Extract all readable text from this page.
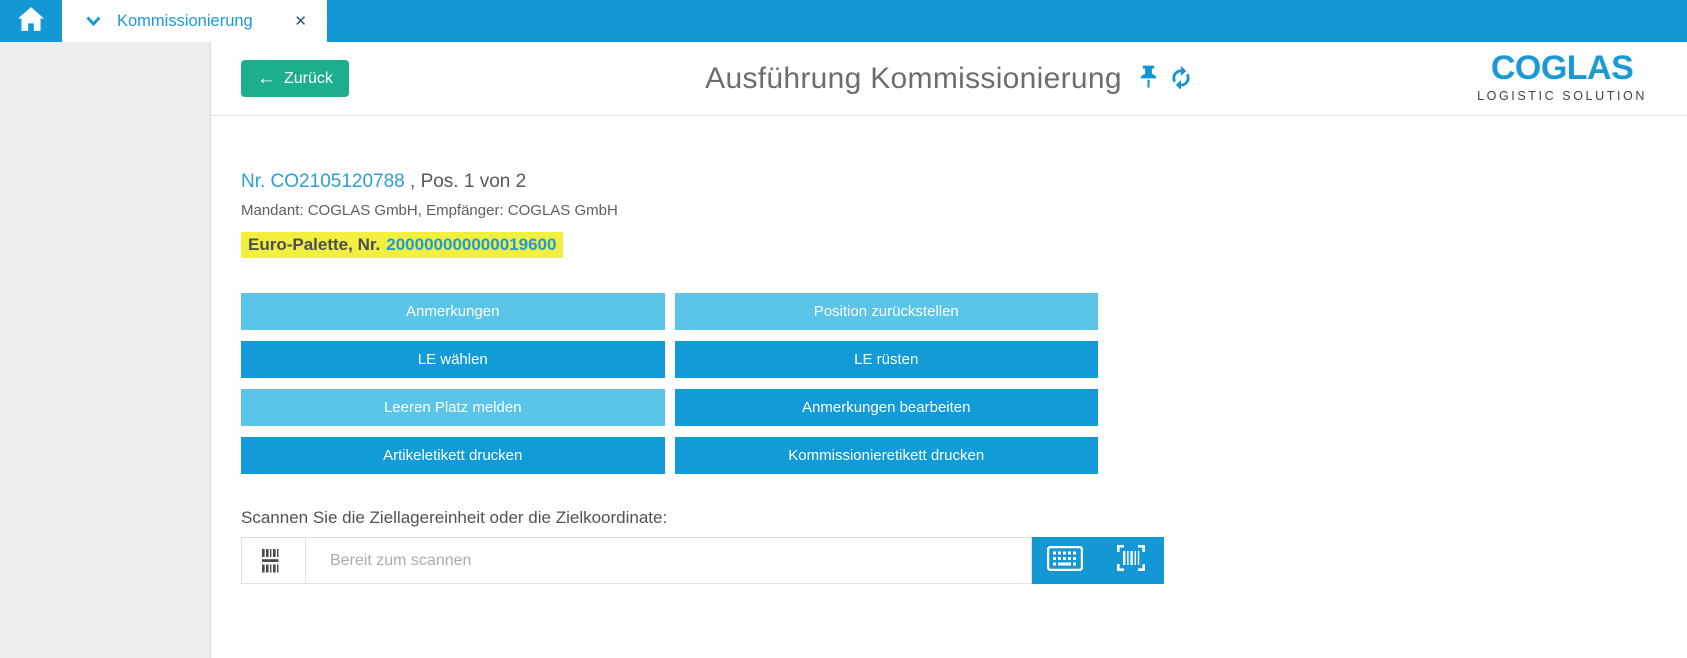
Kommissionierung	✕
← Zurück	Ausführung Kommissionierung	COGLAS
LOGISTIC SOLUTION
Nr. CO2105120788 , Pos. 1 von 2
Mandant: COGLAS GmbH, Empfänger: COGLAS GmbH
Euro-Palette, Nr. 200000000000019600
Anmerkungen	Position zurückstellen
LE wählen	LE rüsten
Leeren Platz melden	Anmerkungen bearbeiten
Artikeletikett drucken	Kommissionieretikett drucken
Scannen Sie die Ziellagereinheit oder die Zielkoordinate:
Bereit zum scannen
